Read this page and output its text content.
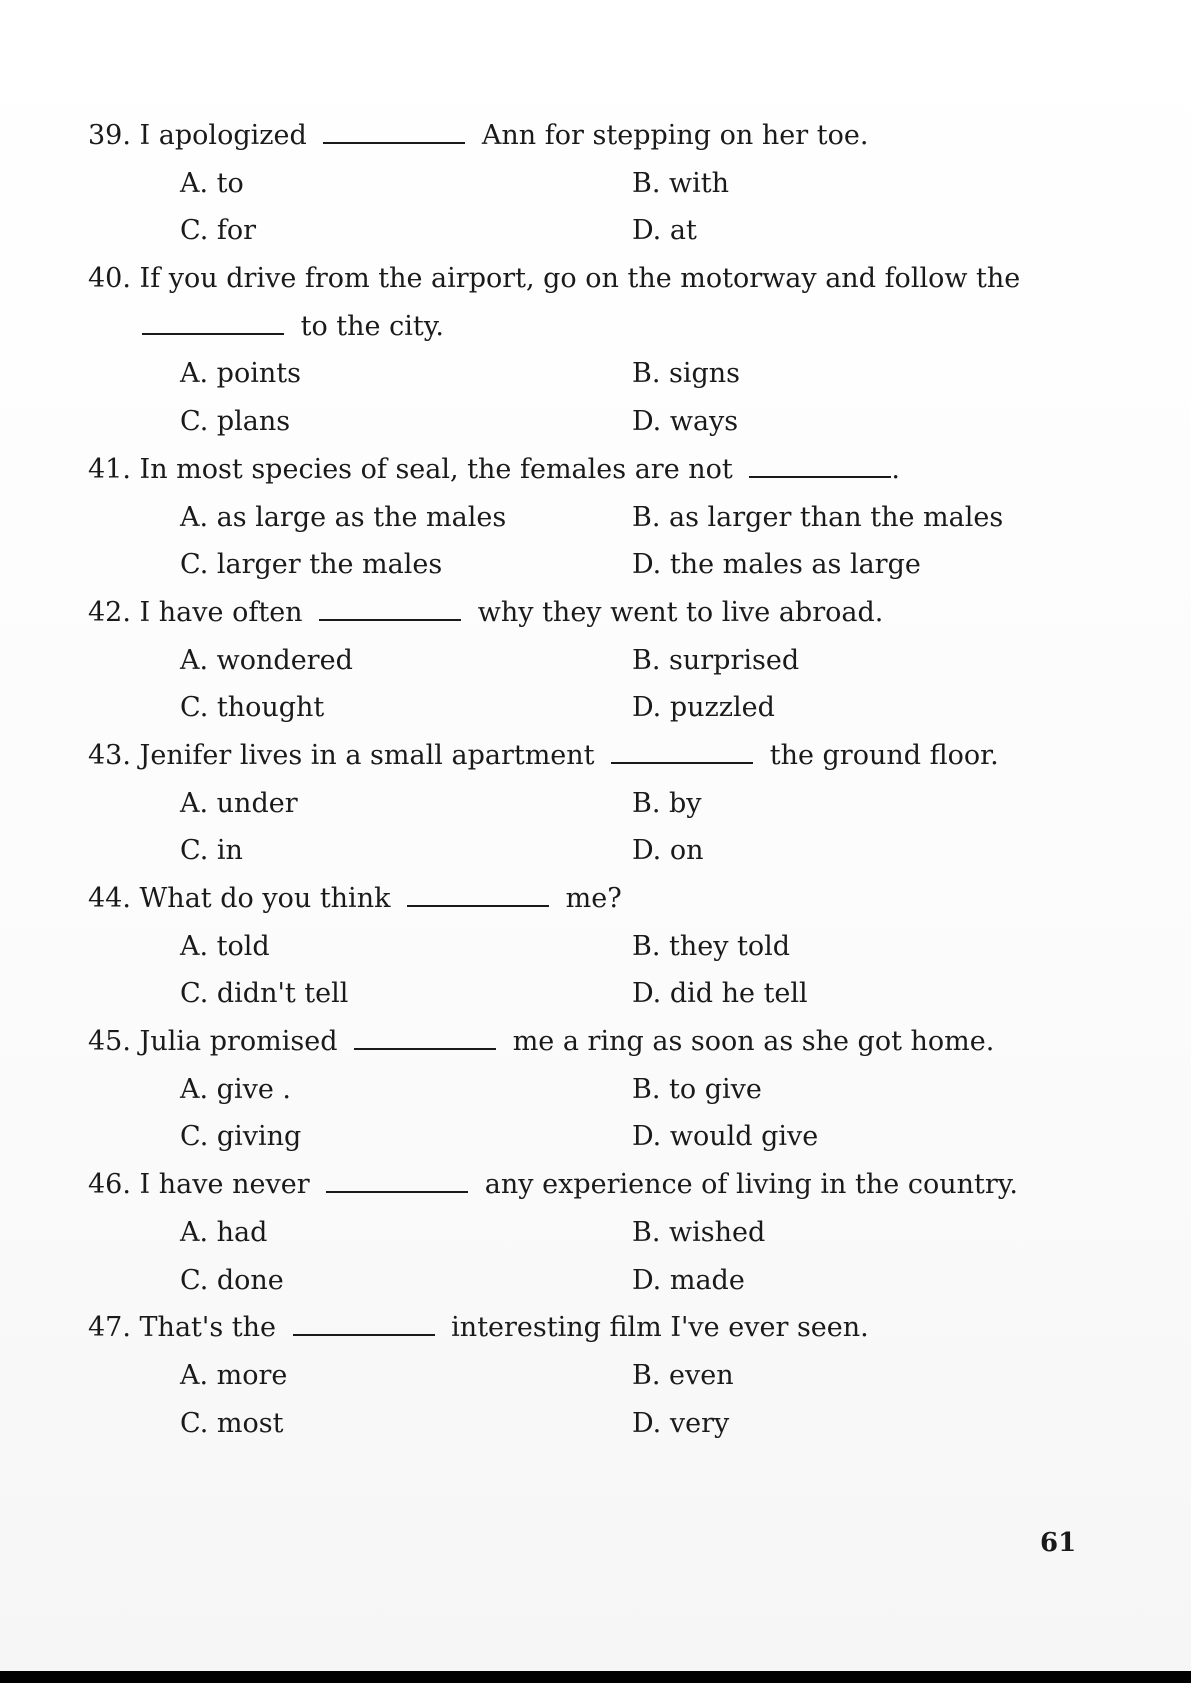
39. I apologized	Ann for stepping on her toe.
A. to	B. with
C. for	D. at
40. If you drive from the airport, go on the motorway and follow the
to the city.
A. points	B. signs
C. plans	D. ways
41. In most species of seal, the females are not	.
A. as large as the males	B. as larger than the males
C. larger the males	D. the males as large
42. I have often	why they went to live abroad.
A. wondered	B. surprised
C. thought	D. puzzled
43. Jenifer lives in a small apartment	the ground floor.
A. under	B. by
C. in	D. on
44. What do you think	me?
A. told	B. they told
C. didn't tell	D. did he tell
45. Julia promised	me a ring as soon as she got home.
A. give .	B. to give
C. giving	D. would give
46. I have never	any experience of living in the country.
A. had	B. wished
C. done	D. made
47. That's the	interesting film I've ever seen.
A. more	B. even
C. most	D. very
61
